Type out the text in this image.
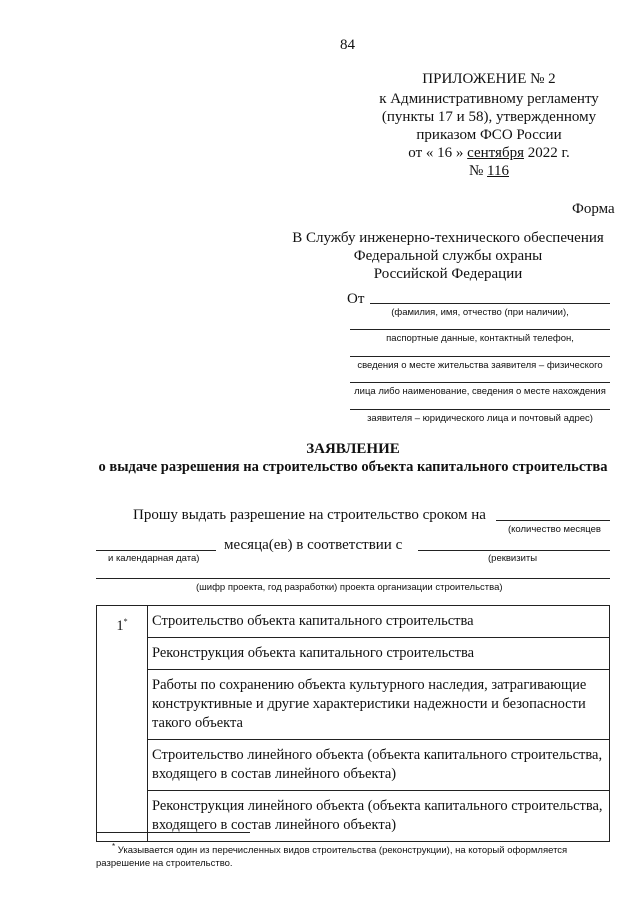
84
ПРИЛОЖЕНИЕ № 2
к Административному регламенту
(пункты 17 и 58), утвержденному
приказом ФСО России
от « 16 » сентября 2022 г.
№ 116
Форма
В Службу инженерно-технического обеспечения
Федеральной службы охраны
Российской Федерации
От
(фамилия, имя, отчество (при наличии),
паспортные данные, контактный телефон,
сведения о месте жительства заявителя – физического
лица либо наименование, сведения о месте нахождения
заявителя – юридического лица и почтовый адрес)
ЗАЯВЛЕНИЕ
о выдаче разрешения на строительство объекта капитального строительства
Прошу выдать разрешение на строительство сроком на
(количество месяцев
месяца(ев) в соответствии с
и календарная дата)	(реквизиты
(шифр проекта, год разработки) проекта организации строительства)
1*	Строительство объекта капитального строительства
Реконструкция объекта капитального строительства
Работы по сохранению объекта культурного наследия, затрагивающие конструктивные и другие характеристики надежности и безопасности такого объекта
Строительство линейного объекта (объекта капитального строительства, входящего в состав линейного объекта)
Реконструкция линейного объекта (объекта капитального строительства, входящего в состав линейного объекта)
* Указывается один из перечисленных видов строительства (реконструкции), на который оформляется разрешение на строительство.
